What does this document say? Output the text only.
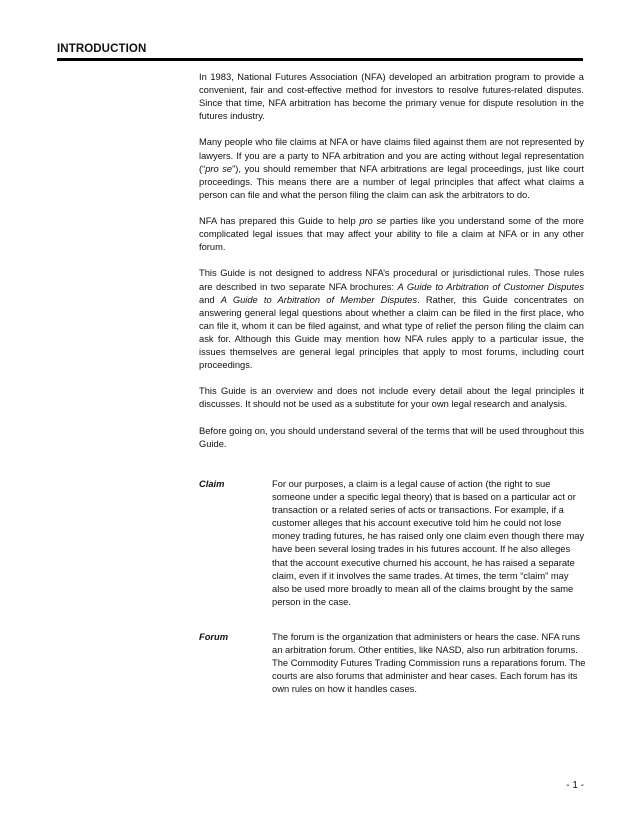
INTRODUCTION

In 1983, National Futures Association (NFA) developed an arbitration program to provide a convenient, fair and cost-effective method for investors to resolve futures-related disputes. Since that time, NFA arbitration has become the primary venue for dispute resolution in the futures industry.

Many people who file claims at NFA or have claims filed against them are not represented by lawyers. If you are a party to NFA arbitration and you are acting without legal representation (“pro se”), you should remember that NFA arbitrations are legal proceedings, just like court proceedings. This means there are a number of legal principles that affect what claims a person can file and what the person filing the claim can ask the arbitrators to do.

NFA has prepared this Guide to help pro se parties like you understand some of the more complicated legal issues that may affect your ability to file a claim at NFA or in any other forum.

This Guide is not designed to address NFA’s procedural or jurisdictional rules. Those rules are described in two separate NFA brochures: A Guide to Arbitration of Customer Disputes and A Guide to Arbitration of Member Disputes. Rather, this Guide concentrates on answering general legal questions about whether a claim can be filed in the first place, who can file it, whom it can be filed against, and what type of relief the person filing the claim can ask for. Although this Guide may mention how NFA rules apply to a particular issue, the issues themselves are general legal principles that apply to most forums, including court proceedings.

This Guide is an overview and does not include every detail about the legal principles it discusses. It should not be used as a substitute for your own legal research and analysis.

Before going on, you should understand several of the terms that will be used throughout this Guide.

Claim	For our purposes, a claim is a legal cause of action (the right to sue someone under a specific legal theory) that is based on a particular act or transaction or a related series of acts or transactions. For example, if a customer alleges that his account executive told him he could not lose money trading futures, he has raised only one claim even though there may have been several losing trades in his futures account. If he also alleges that the account executive churned his account, he has raised a separate claim, even if it involves the same trades. At times, the term “claim” may also be used more broadly to mean all of the claims brought by the same person in the case.
Forum	The forum is the organization that administers or hears the case. NFA runs an arbitration forum. Other entities, like NASD, also run arbitration forums. The Commodity Futures Trading Commission runs a reparations forum. The courts are also forums that administer and hear cases. Each forum has its own rules on how it handles cases.
- 1 -
